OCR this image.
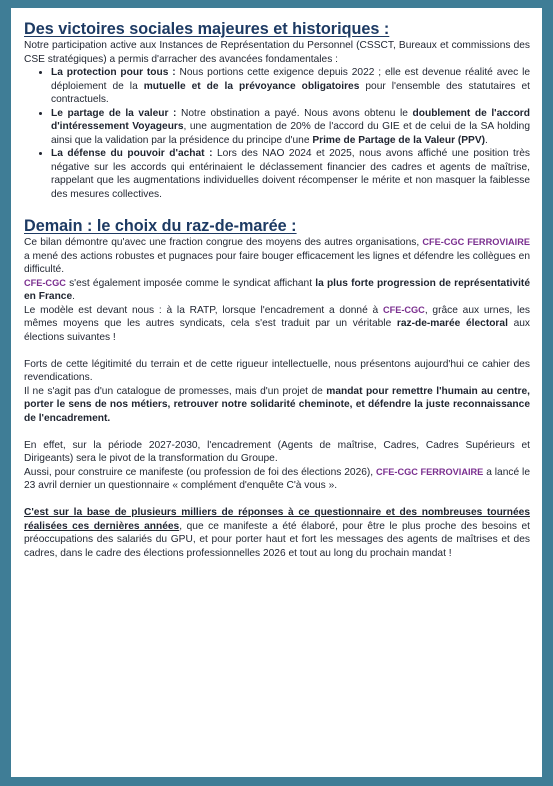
Des victoires sociales majeures et historiques :

Notre participation active aux Instances de Représentation du Personnel (CSSCT, Bureaux et commissions des CSE stratégiques) a permis d'arracher des avancées fondamentales :

• La protection pour tous : Nous portions cette exigence depuis 2022 ; elle est devenue réalité avec le déploiement de la mutuelle et de la prévoyance obligatoires pour l'ensemble des statutaires et contractuels.
• Le partage de la valeur : Notre obstination a payé. Nous avons obtenu le doublement de l'accord d'intéressement Voyageurs, une augmentation de 20% de l'accord du GIE et de celui de la SA holding ainsi que la validation par la présidence du principe d'une Prime de Partage de la Valeur (PPV).
• La défense du pouvoir d'achat : Lors des NAO 2024 et 2025, nous avons affiché une position très négative sur les accords qui entérinaient le déclassement financier des cadres et agents de maîtrise, rappelant que les augmentations individuelles doivent récompenser le mérite et non masquer la faiblesse des mesures collectives.
Demain : le choix du raz-de-marée :

Ce bilan démontre qu'avec une fraction congrue des moyens des autres organisations, CFE-CGC FERROVIAIRE a mené des actions robustes et pugnaces pour faire bouger efficacement les lignes et défendre les collègues en difficulté.

CFE-CGC s'est également imposée comme le syndicat affichant la plus forte progression de représentativité en France.

Le modèle est devant nous : à la RATP, lorsque l'encadrement a donné à CFE-CGC, grâce aux urnes, les mêmes moyens que les autres syndicats, cela s'est traduit par un véritable raz-de-marée électoral aux élections suivantes !

Forts de cette légitimité du terrain et de cette rigueur intellectuelle, nous présentons aujourd'hui ce cahier des revendications.

Il ne s'agit pas d'un catalogue de promesses, mais d'un projet de mandat pour remettre l'humain au centre, porter le sens de nos métiers, retrouver notre solidarité cheminote, et défendre la juste reconnaissance de l'encadrement.

En effet, sur la période 2027-2030, l'encadrement (Agents de maîtrise, Cadres, Cadres Supérieurs et Dirigeants) sera le pivot de la transformation du Groupe.

Aussi, pour construire ce manifeste (ou profession de foi des élections 2026), CFE-CGC FERROVIAIRE a lancé le 23 avril dernier un questionnaire « complément d'enquête C'à vous ».

C'est sur la base de plusieurs milliers de réponses à ce questionnaire et des nombreuses tournées réalisées ces dernières années, que ce manifeste a été élaboré, pour être le plus proche des besoins et préoccupations des salariés du GPU, et pour porter haut et fort les messages des agents de maîtrises et des cadres, dans le cadre des élections professionnelles 2026 et tout au long du prochain mandat !
